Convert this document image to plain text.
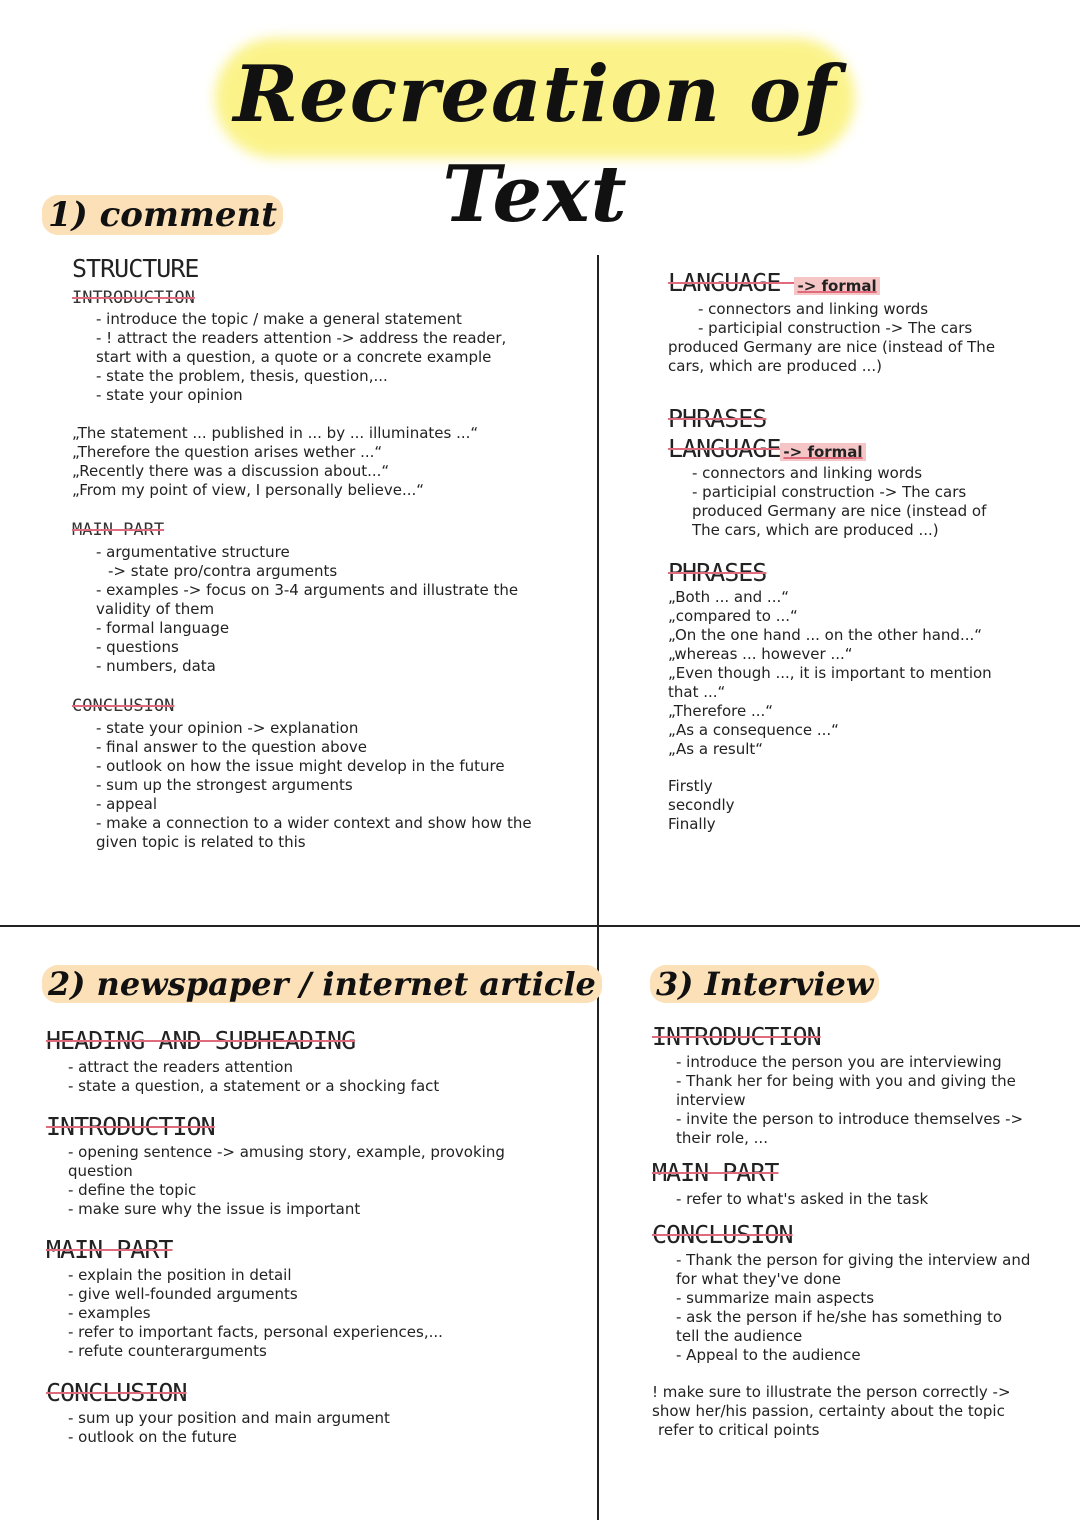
Recreation of Text
1) comment
STRUCTURE
INTRODUCTION
- introduce the topic / make a general statement
- ! attract the readers attention -> address the reader,
start with a question, a quote or a concrete example
- state the problem, thesis, question,...
- state your opinion
„The statement ... published in ... by ... illuminates ...“
„Therefore the question arises wether ...“
„Recently there was a discussion about...“
„From my point of view, I personally believe...“
MAIN PART
- argumentative structure
-> state pro/contra arguments
- examples -> focus on 3-4 arguments and illustrate the
validity of them
- formal language
- questions
- numbers, data
CONCLUSION
- state your opinion -> explanation
- final answer to the question above
- outlook on how the issue might develop in the future
- sum up the strongest arguments
- appeal
- make a connection to a wider context and show how the
given topic is related to this
LANGUAGE -> formal
- connectors and linking words
- participial construction -> The cars
produced Germany are nice (instead of The
cars, which are produced ...)
PHRASES
LANGUAGE -> formal
- connectors and linking words
- participial construction -> The cars
produced Germany are nice (instead of
The cars, which are produced ...)
PHRASES
„Both ... and ...“
„compared to ...“
„On the one hand ... on the other hand...“
„whereas ... however ...“
„Even though ..., it is important to mention
that ...“
„Therefore ...“
„As a consequence ...“
„As a result“
Firstly
secondly
Finally
2) newspaper / internet article
HEADING AND SUBHEADING
- attract the readers attention
- state a question, a statement or a shocking fact
INTRODUCTION
- opening sentence -> amusing story, example, provoking
question
- define the topic
- make sure why the issue is important
MAIN PART
- explain the position in detail
- give well-founded arguments
- examples
- refer to important facts, personal experiences,...
- refute counterarguments
CONCLUSION
- sum up your position and main argument
- outlook on the future
3) Interview
INTRODUCTION
- introduce the person you are interviewing
- Thank her for being with you and giving the
interview
- invite the person to introduce themselves ->
their role, ...
MAIN PART
- refer to what's asked in the task
CONCLUSION
- Thank the person for giving the interview and
for what they've done
- summarize main aspects
- ask the person if he/she has something to
tell the audience
- Appeal to the audience
! make sure to illustrate the person correctly ->
show her/his passion, certainty about the topic
refer to critical points
